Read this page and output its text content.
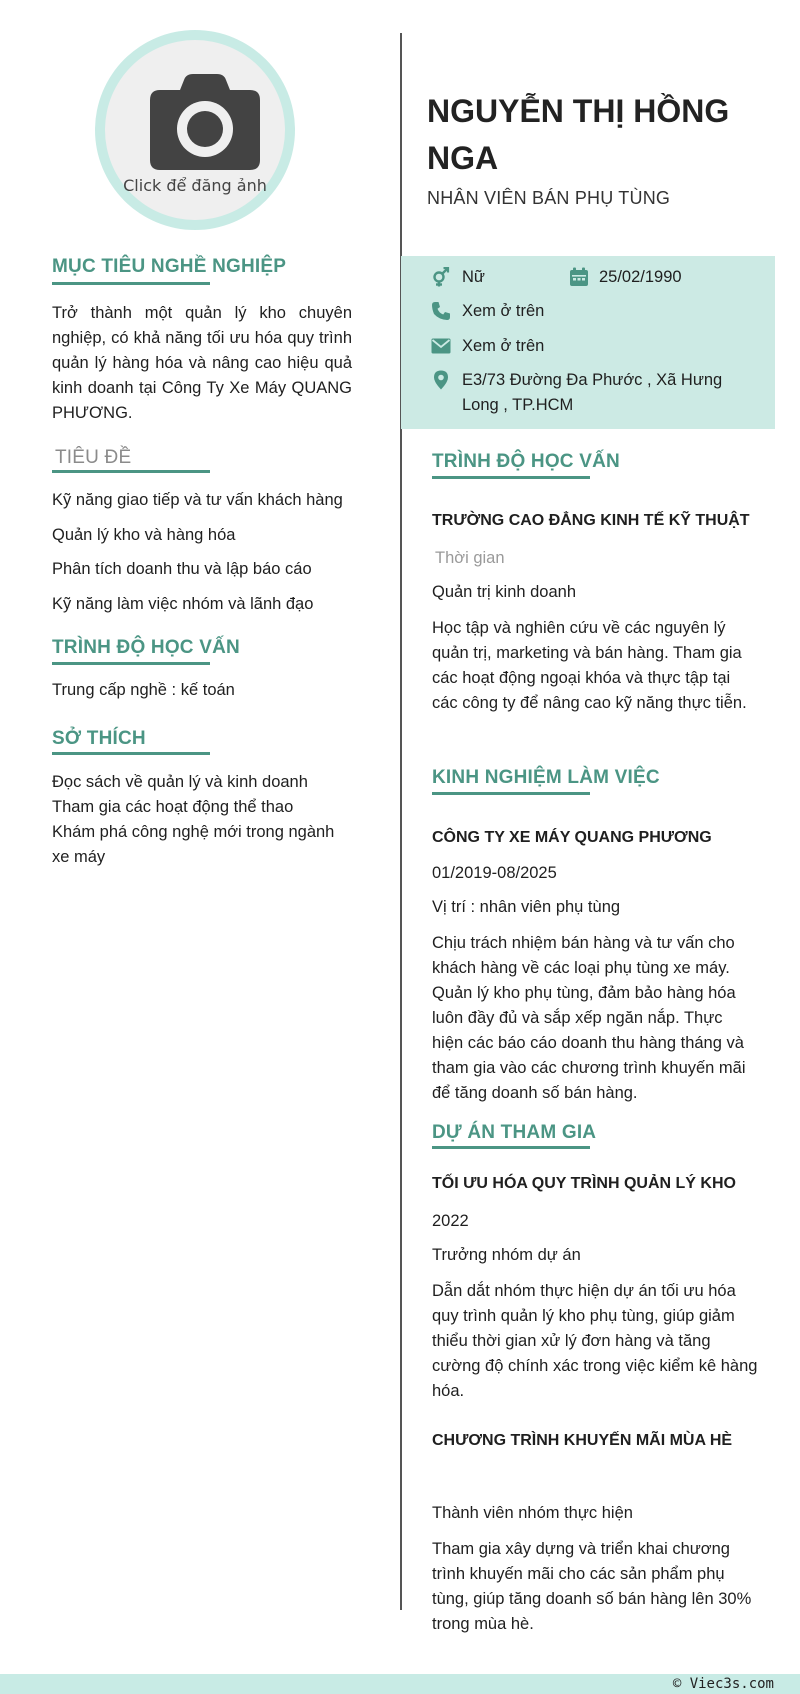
Click để đăng ảnh
MỤC TIÊU NGHỀ NGHIỆP
Trở thành một quản lý kho chuyên nghiệp, có khả năng tối ưu hóa quy trình quản lý hàng hóa và nâng cao hiệu quả kinh doanh tại Công Ty Xe Máy QUANG PHƯƠNG.
TIÊU ĐỀ
Kỹ năng giao tiếp và tư vấn khách hàng
Quản lý kho và hàng hóa
Phân tích doanh thu và lập báo cáo
Kỹ năng làm việc nhóm và lãnh đạo
TRÌNH ĐỘ HỌC VẤN
Trung cấp nghề : kế toán
SỞ THÍCH
Đọc sách về quản lý và kinh doanh
Tham gia các hoạt động thể thao
Khám phá công nghệ mới trong ngành xe máy
NGUYỄN THỊ HỒNG NGA
NHÂN VIÊN BÁN PHỤ TÙNG
Nữ	25/02/1990
Xem ở trên
Xem ở trên
E3/73 Đường Đa Phước , Xã Hưng Long , TP.HCM
TRÌNH ĐỘ HỌC VẤN
TRƯỜNG CAO ĐẲNG KINH TẾ KỸ THUẬT
Thời gian
Quản trị kinh doanh
Học tập và nghiên cứu về các nguyên lý quản trị, marketing và bán hàng. Tham gia các hoạt động ngoại khóa và thực tập tại các công ty để nâng cao kỹ năng thực tiễn.
KINH NGHIỆM LÀM VIỆC
CÔNG TY XE MÁY QUANG PHƯƠNG
01/2019-08/2025
Vị trí : nhân viên phụ tùng
Chịu trách nhiệm bán hàng và tư vấn cho khách hàng về các loại phụ tùng xe máy. Quản lý kho phụ tùng, đảm bảo hàng hóa luôn đầy đủ và sắp xếp ngăn nắp. Thực hiện các báo cáo doanh thu hàng tháng và tham gia vào các chương trình khuyến mãi để tăng doanh số bán hàng.
DỰ ÁN THAM GIA
TỐI ƯU HÓA QUY TRÌNH QUẢN LÝ KHO
2022
Trưởng nhóm dự án
Dẫn dắt nhóm thực hiện dự án tối ưu hóa quy trình quản lý kho phụ tùng, giúp giảm thiểu thời gian xử lý đơn hàng và tăng cường độ chính xác trong việc kiểm kê hàng hóa.
CHƯƠNG TRÌNH KHUYẾN MÃI MÙA HÈ
Thành viên nhóm thực hiện
Tham gia xây dựng và triển khai chương trình khuyến mãi cho các sản phẩm phụ tùng, giúp tăng doanh số bán hàng lên 30% trong mùa hè.
© Viec3s.com
